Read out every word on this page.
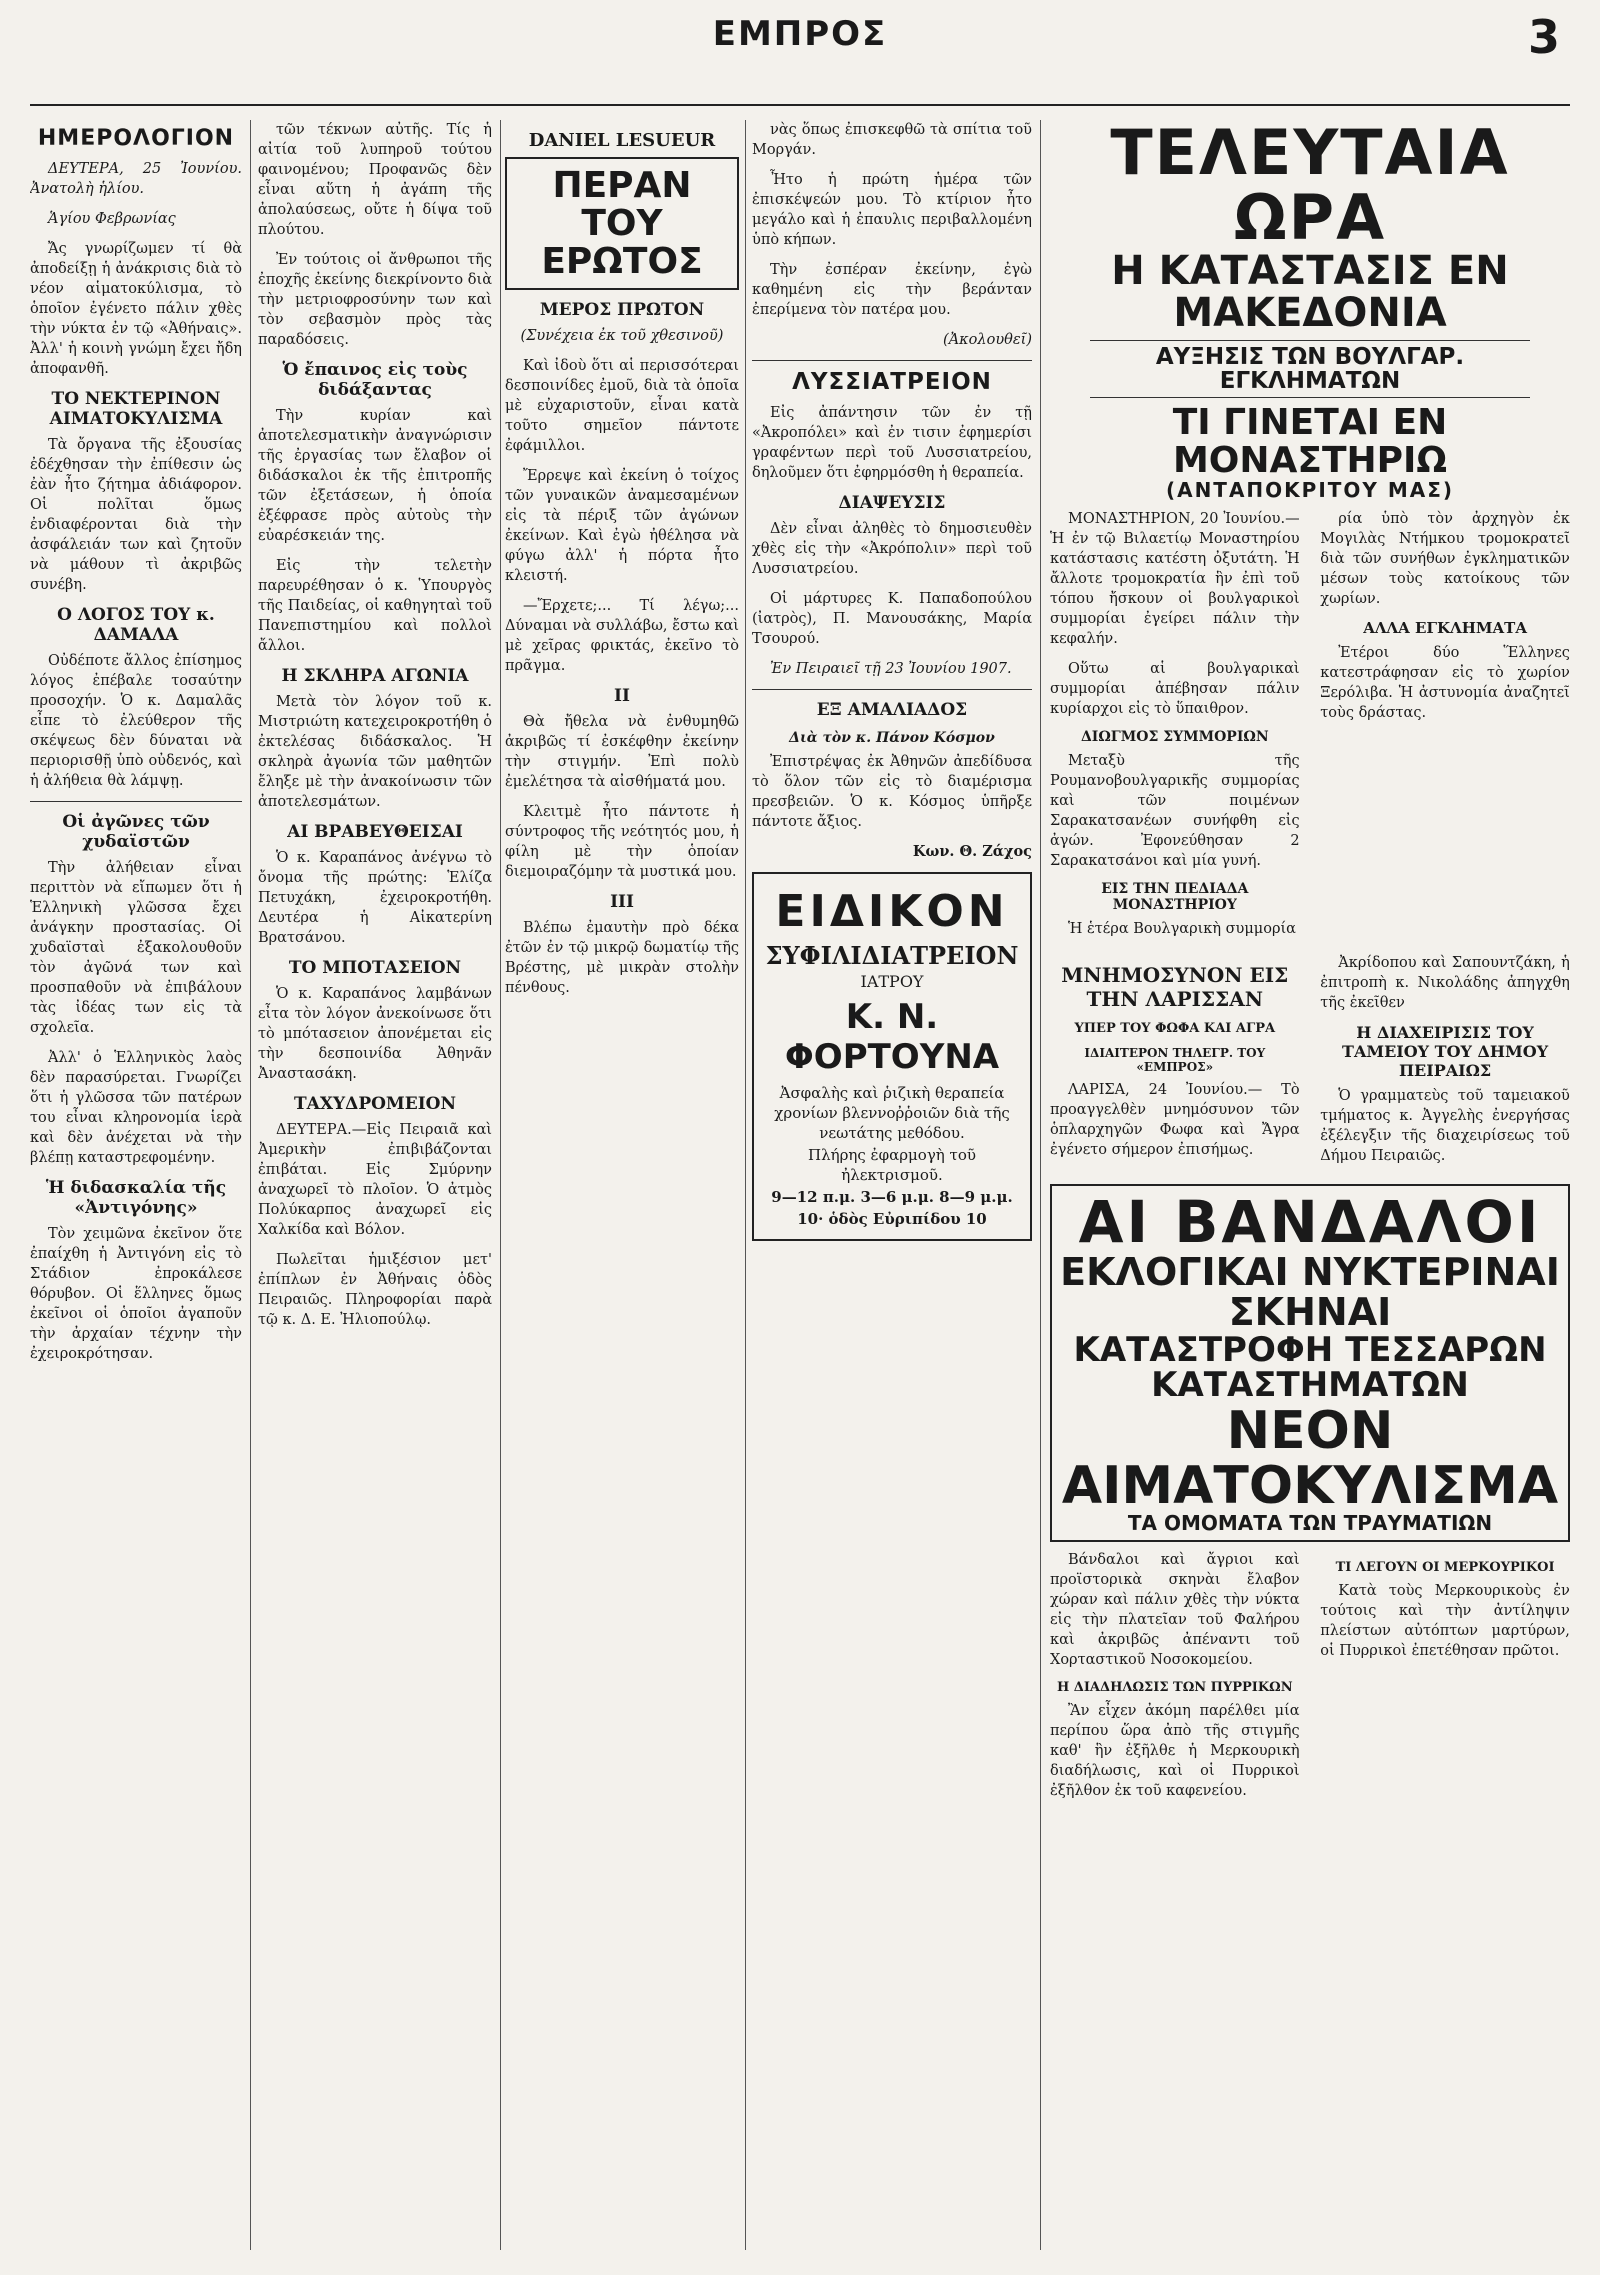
ΕΜΠΡΟΣ	3
ΗΜΕΡΟΛΟΓΙΟΝ

ΔΕΥΤΕΡΑ, 25 Ἰουνίου. Ἀνατολὴ ἡλίου.

Ἁγίου Φεβρωνίας

Ἄς γνωρίζωμεν τί θὰ ἀποδείξῃ ἡ ἀνάκρισις διὰ τὸ νέον αἱματοκύλισμα, τὸ ὁποῖον ἐγένετο πάλιν χθὲς τὴν νύκτα ἐν τῷ «Ἀθήναις». Ἀλλ' ἡ κοινὴ γνώμη ἔχει ἤδη ἀποφανθῆ.

ΤΟ ΝΕΚΤΕΡΙΝΟΝ ΑΙΜΑΤΟΚΥΛΙΣΜΑ

Τὰ ὄργανα τῆς ἐξουσίας ἐδέχθησαν τὴν ἐπίθεσιν ὡς ἐὰν ἦτο ζήτημα ἀδιάφορον. Οἱ πολῖται ὅμως ἐνδιαφέρονται διὰ τὴν ἀσφάλειάν των καὶ ζητοῦν νὰ μάθουν τὶ ἀκριβῶς συνέβη.

Ο ΛΟΓΟΣ ΤΟΥ κ. ΔΑΜΑΛΑ

Οὐδέποτε ἄλλος ἐπίσημος λόγος ἐπέβαλε τοσαύτην προσοχήν. Ὁ κ. Δαμαλᾶς εἶπε τὸ ἐλεύθερον τῆς σκέψεως δὲν δύναται νὰ περιορισθῇ ὑπὸ οὐδενός, καὶ ἡ ἀλήθεια θὰ λάμψῃ.

Οἱ ἀγῶνες τῶν χυδαϊστῶν

Τὴν ἀλήθειαν εἶναι περιττὸν νὰ εἴπωμεν ὅτι ἡ Ἑλληνικὴ γλῶσσα ἔχει ἀνάγκην προστασίας. Οἱ χυδαϊσταὶ ἐξακολουθοῦν τὸν ἀγῶνά των καὶ προσπαθοῦν νὰ ἐπιβάλουν τὰς ἰδέας των εἰς τὰ σχολεῖα.

Ἀλλ' ὁ Ἑλληνικὸς λαὸς δὲν παρασύρεται. Γνωρίζει ὅτι ἡ γλῶσσα τῶν πατέρων του εἶναι κληρονομία ἱερὰ καὶ δὲν ἀνέχεται νὰ τὴν βλέπῃ καταστρεφομένην.

Ἡ διδασκαλία τῆς «Ἀντιγόνης»

Τὸν χειμῶνα ἐκεῖνον ὅτε ἐπαίχθη ἡ Ἀντιγόνη εἰς τὸ Στάδιον ἐπροκάλεσε θόρυβον. Οἱ ἕλληνες ὅμως ἐκεῖνοι οἱ ὁποῖοι ἀγαποῦν τὴν ἀρχαίαν τέχνην τὴν ἐχειροκρότησαν.

τῶν τέκνων αὐτῆς. Τίς ἡ αἰτία τοῦ λυπηροῦ τούτου φαινομένου; Προφανῶς δὲν εἶναι αὕτη ἡ ἀγάπη τῆς ἀπολαύσεως, οὔτε ἡ δίψα τοῦ πλούτου.

Ἐν τούτοις οἱ ἄνθρωποι τῆς ἐποχῆς ἐκείνης διεκρίνοντο διὰ τὴν μετριοφροσύνην των καὶ τὸν σεβασμὸν πρὸς τὰς παραδόσεις.

Ὁ ἔπαινος εἰς τοὺς διδάξαντας

Τὴν κυρίαν καὶ ἀποτελεσματικὴν ἀναγνώρισιν τῆς ἐργασίας των ἔλαβον οἱ διδάσκαλοι ἐκ τῆς ἐπιτροπῆς τῶν ἐξετάσεων, ἡ ὁποία ἐξέφρασε πρὸς αὐτοὺς τὴν εὐαρέσκειάν της.

Εἰς τὴν τελετὴν παρευρέθησαν ὁ κ. Ὑπουργὸς τῆς Παιδείας, οἱ καθηγηταὶ τοῦ Πανεπιστημίου καὶ πολλοὶ ἄλλοι.

Η ΣΚΛΗΡΑ ΑΓΩΝΙΑ

Μετὰ τὸν λόγον τοῦ κ. Μιστριώτη κατεχειροκροτήθη ὁ ἐκτελέσας διδάσκαλος. Ἡ σκληρὰ ἀγωνία τῶν μαθητῶν ἔληξε μὲ τὴν ἀνακοίνωσιν τῶν ἀποτελεσμάτων.

ΑΙ ΒΡΑΒΕΥΘΕΙΣΑΙ

Ὁ κ. Καραπάνος ἀνέγνω τὸ ὄνομα τῆς πρώτης: Ἑλίζα Πετυχάκη, ἐχειροκροτήθη. Δευτέρα ἡ Αἰκατερίνη Βρατσάνου.

ΤΟ ΜΠΟΤΑΣΕΙΟΝ

Ὁ κ. Καραπάνος λαμβάνων εἶτα τὸν λόγον ἀνεκοίνωσε ὅτι τὸ μπότασειον ἀπονέμεται εἰς τὴν δεσποινίδα Ἀθηνᾶν Ἀναστασάκη.

ΤΑΧΥΔΡΟΜΕΙΟΝ

ΔΕΥΤΕΡΑ.—Εἰς Πειραιᾶ καὶ Ἀμερικὴν ἐπιβιβάζονται ἐπιβάται. Εἰς Σμύρνην ἀναχωρεῖ τὸ πλοῖον. Ὁ ἀτμὸς Πολύκαρπος ἀναχωρεῖ εἰς Χαλκίδα καὶ Βόλον.

Πωλεῖται ἡμιξέσιον μετ' ἐπίπλων ἐν Ἀθήναις ὁδὸς Πειραιῶς. Πληροφορίαι παρὰ τῷ κ. Δ. Ε. Ἠλιοπούλῳ.

DANIEL LESUEUR
ΠΕΡΑΝ ΤΟΥ ΕΡΩΤΟΣ
ΜΕΡΟΣ ΠΡΩΤΟΝ

(Συνέχεια ἐκ τοῦ χθεσινοῦ)

Καὶ ἰδοὺ ὅτι αἱ περισσότεραι δεσποινίδες ἐμοῦ, διὰ τὰ ὁποῖα μὲ εὐχαριστοῦν, εἶναι κατὰ τοῦτο σημεῖον πάντοτε ἐφάμιλλοι.

Ἔρρεψε καὶ ἐκείνη ὁ τοίχος τῶν γυναικῶν ἀναμεσαμένων εἰς τὰ πέριξ τῶν ἀγώνων ἐκείνων. Καὶ ἐγὼ ἠθέλησα νὰ φύγω ἀλλ' ἡ πόρτα ἦτο κλειστή.

—Ἔρχετε;... Τί λέγω;... Δύναμαι νὰ συλλάβω, ἔστω καὶ μὲ χεῖρας φρικτάς, ἐκεῖνο τὸ πρᾶγμα.

ΙΙ

Θὰ ἤθελα νὰ ἐνθυμηθῶ ἀκριβῶς τί ἐσκέφθην ἐκείνην τὴν στιγμήν. Ἐπὶ πολὺ ἐμελέτησα τὰ αἰσθήματά μου.

Κλειτμὲ ἦτο πάντοτε ἡ σύντροφος τῆς νεότητός μου, ἡ φίλη μὲ τὴν ὁποίαν διεμοιραζόμην τὰ μυστικά μου.

ΙΙΙ

Βλέπω ἐμαυτὴν πρὸ δέκα ἐτῶν ἐν τῷ μικρῷ δωματίῳ τῆς Βρέστης, μὲ μικρὰν στολὴν πένθους.

νὰς ὅπως ἐπισκεφθῶ τὰ σπίτια τοῦ Μοργάν.

Ἦτο ἡ πρώτη ἡμέρα τῶν ἐπισκέψεών μου. Τὸ κτίριον ἦτο μεγάλο καὶ ἡ ἐπαυλις περιβαλλομένη ὑπὸ κήπων.

Τὴν ἐσπέραν ἐκείνην, ἐγὼ καθημένη εἰς τὴν βεράνταν ἐπερίμενα τὸν πατέρα μου.

(Ἀκολουθεῖ)

ΛΥΣΣΙΑΤΡΕΙΟΝ

Εἰς ἀπάντησιν τῶν ἐν τῇ «Ἀκροπόλει» καὶ ἐν τισιν ἐφημερίσι γραφέντων περὶ τοῦ Λυσσιατρείου, δηλοῦμεν ὅτι ἐφηρμόσθη ἡ θεραπεία.

ΔΙΑΨΕΥΣΙΣ

Δὲν εἶναι ἀληθὲς τὸ δημοσιευθὲν χθὲς εἰς τὴν «Ἀκρόπολιν» περὶ τοῦ Λυσσιατρείου.

Οἱ μάρτυρες Κ. Παπαδοπούλου (ἰατρὸς), Π. Μανουσάκης, Μαρία Τσουρού.

Ἐν Πειραιεῖ τῇ 23 Ἰουνίου 1907.

ΕΞ ΑΜΑΛΙΑΔΟΣ
Διὰ τὸν κ. Πάνον Κόσμον

Ἐπιστρέψας ἐκ Ἀθηνῶν ἀπεδίδυσα τὸ ὅλον τῶν εἰς τὸ διαμέρισμα πρεσβειῶν. Ὁ κ. Κόσμος ὑπῆρξε πάντοτε ἄξιος.

Κων. Θ. Ζάχος

ΕΙΔΙΚΟΝ
ΣΥΦΙΛΙΔΙΑΤΡΕΙΟΝ
ΙΑΤΡΟΥ
Κ. Ν. ΦΟΡΤΟΥΝΑ
Ἀσφαλὴς καὶ ῥιζικὴ θεραπεία χρονίων βλεννοῤῥοιῶν διὰ τῆς νεωτάτης μεθόδου.
Πλήρης ἐφαρμογὴ τοῦ ἠλεκτρισμοῦ.
9—12 π.μ. 3—6 μ.μ. 8—9 μ.μ.
10· ὁδὸς Εὐριπίδου 10
ΤΕΛΕΥΤΑΙΑ ΩΡΑ
Η ΚΑΤΑΣΤΑΣΙΣ ΕΝ ΜΑΚΕΔΟΝΙΑ
ΑΥΞΗΣΙΣ ΤΩΝ ΒΟΥΛΓΑΡ. ΕΓΚΛΗΜΑΤΩΝ
ΤΙ ΓΙΝΕΤΑΙ ΕΝ ΜΟΝΑΣΤΗΡΙΩ
(ΑΝΤΑΠΟΚΡΙΤΟΥ ΜΑΣ)

ΜΟΝΑΣΤΗΡΙΟΝ, 20 Ἰουνίου.— Ἡ ἐν τῷ Βιλαετίῳ Μοναστηρίου κατάστασις κατέστη ὀξυτάτη. Ἡ ἄλλοτε τρομοκρατία ἣν ἐπὶ τοῦ τόπου ἤσκουν οἱ βουλγαρικοὶ συμμορίαι ἐγείρει πάλιν τὴν κεφαλήν.

Οὕτω αἱ βουλγαρικαὶ συμμορίαι ἀπέβησαν πάλιν κυρίαρχοι εἰς τὸ ὕπαιθρον.

ΔΙΩΓΜΟΣ ΣΥΜΜΟΡΙΩΝ

Μεταξὺ τῆς Ρουμανοβουλγαρικῆς συμμορίας καὶ τῶν ποιμένων Σαρακατσανέων συνήφθη εἰς ἀγών. Ἐφονεύθησαν 2 Σαρακατσάνοι καὶ μία γυνή.

ΕΙΣ ΤΗΝ ΠΕΔΙΑΔΑ ΜΟΝΑΣΤΗΡΙΟΥ

Ἡ ἑτέρα Βουλγαρικὴ συμμορία

ρία ὑπὸ τὸν ἀρχηγὸν ἐκ Μογιλὰς Ντήμκου τρομοκρατεῖ διὰ τῶν συνήθων ἐγκληματικῶν μέσων τοὺς κατοίκους τῶν χωρίων.

ΑΛΛΑ ΕΓΚΛΗΜΑΤΑ

Ἐτέροι δύο Ἕλληνες κατεστράφησαν εἰς τὸ χωρίον Ξερόλιβα. Ἡ ἀστυνομία ἀναζητεῖ τοὺς δράστας.

ΜΝΗΜΟΣΥΝΟΝ ΕΙΣ ΤΗΝ ΛΑΡΙΣΣΑΝ
ΥΠΕΡ ΤΟΥ ΦΩΦΑ ΚΑΙ ΑΓΡΑ
ΙΔΙΑΙΤΕΡΟΝ ΤΗΛΕΓΡ. ΤΟΥ «ΕΜΠΡΟΣ»

ΛΑΡΙΣΑ, 24 Ἰουνίου.— Τὸ προαγγελθὲν μνημόσυνον τῶν ὁπλαρχηγῶν Φωφα καὶ Ἄγρα ἐγένετο σήμερον ἐπισήμως.

Ἀκρίδοπου καὶ Σαπουντζάκη, ἡ ἐπιτροπὴ κ. Νικολάδης ἀπηγχθη τῆς ἐκεῖθεν

Η ΔΙΑΧΕΙΡΙΣΙΣ ΤΟΥ ΤΑΜΕΙΟΥ ΤΟΥ ΔΗΜΟΥ ΠΕΙΡΑΙΩΣ

Ὁ γραμματεὺς τοῦ ταμειακοῦ τμήματος κ. Ἀγγελὴς ἐνεργήσας ἐξέλεγξιν τῆς διαχειρίσεως τοῦ Δήμου Πειραιῶς.

ΑΙ ΒΑΝΔΑΛΟΙ
ΕΚΛΟΓΙΚΑΙ ΝΥΚΤΕΡΙΝΑΙ ΣΚΗΝΑΙ
ΚΑΤΑΣΤΡΟΦΗ ΤΕΣΣΑΡΩΝ ΚΑΤΑΣΤΗΜΑΤΩΝ
ΝΕΟΝ ΑΙΜΑΤΟΚΥΛΙΣΜΑ
ΤΑ ΟΜΟΜΑΤΑ ΤΩΝ ΤΡΑΥΜΑΤΙΩΝ

Βάνδαλοι καὶ ἄγριοι καὶ προϊστορικὰ σκηνὰι ἔλαβον χώραν καὶ πάλιν χθὲς τὴν νύκτα εἰς τὴν πλατεῖαν τοῦ Φαλήρου καὶ ἀκριβῶς ἀπέναντι τοῦ Χορταστικοῦ Νοσοκομείου.

Η ΔΙΑΔΗΛΩΣΙΣ ΤΩΝ ΠΥΡΡΙΚΩΝ

Ἂν εἶχεν ἀκόμη παρέλθει μία περίπου ὥρα ἀπὸ τῆς στιγμῆς καθ' ἣν ἐξῆλθε ἡ Μερκουρικὴ διαδήλωσις, καὶ οἱ Πυρρικοὶ ἐξῆλθον ἐκ τοῦ καφενείου.

ΤΙ ΛΕΓΟΥΝ ΟΙ ΜΕΡΚΟΥΡΙΚΟΙ

Κατὰ τοὺς Μερκουρικοὺς ἐν τούτοις καὶ τὴν ἀντίληψιν πλείστων αὐτόπτων μαρτύρων, οἱ Πυρρικοὶ ἐπετέθησαν πρῶτοι.
